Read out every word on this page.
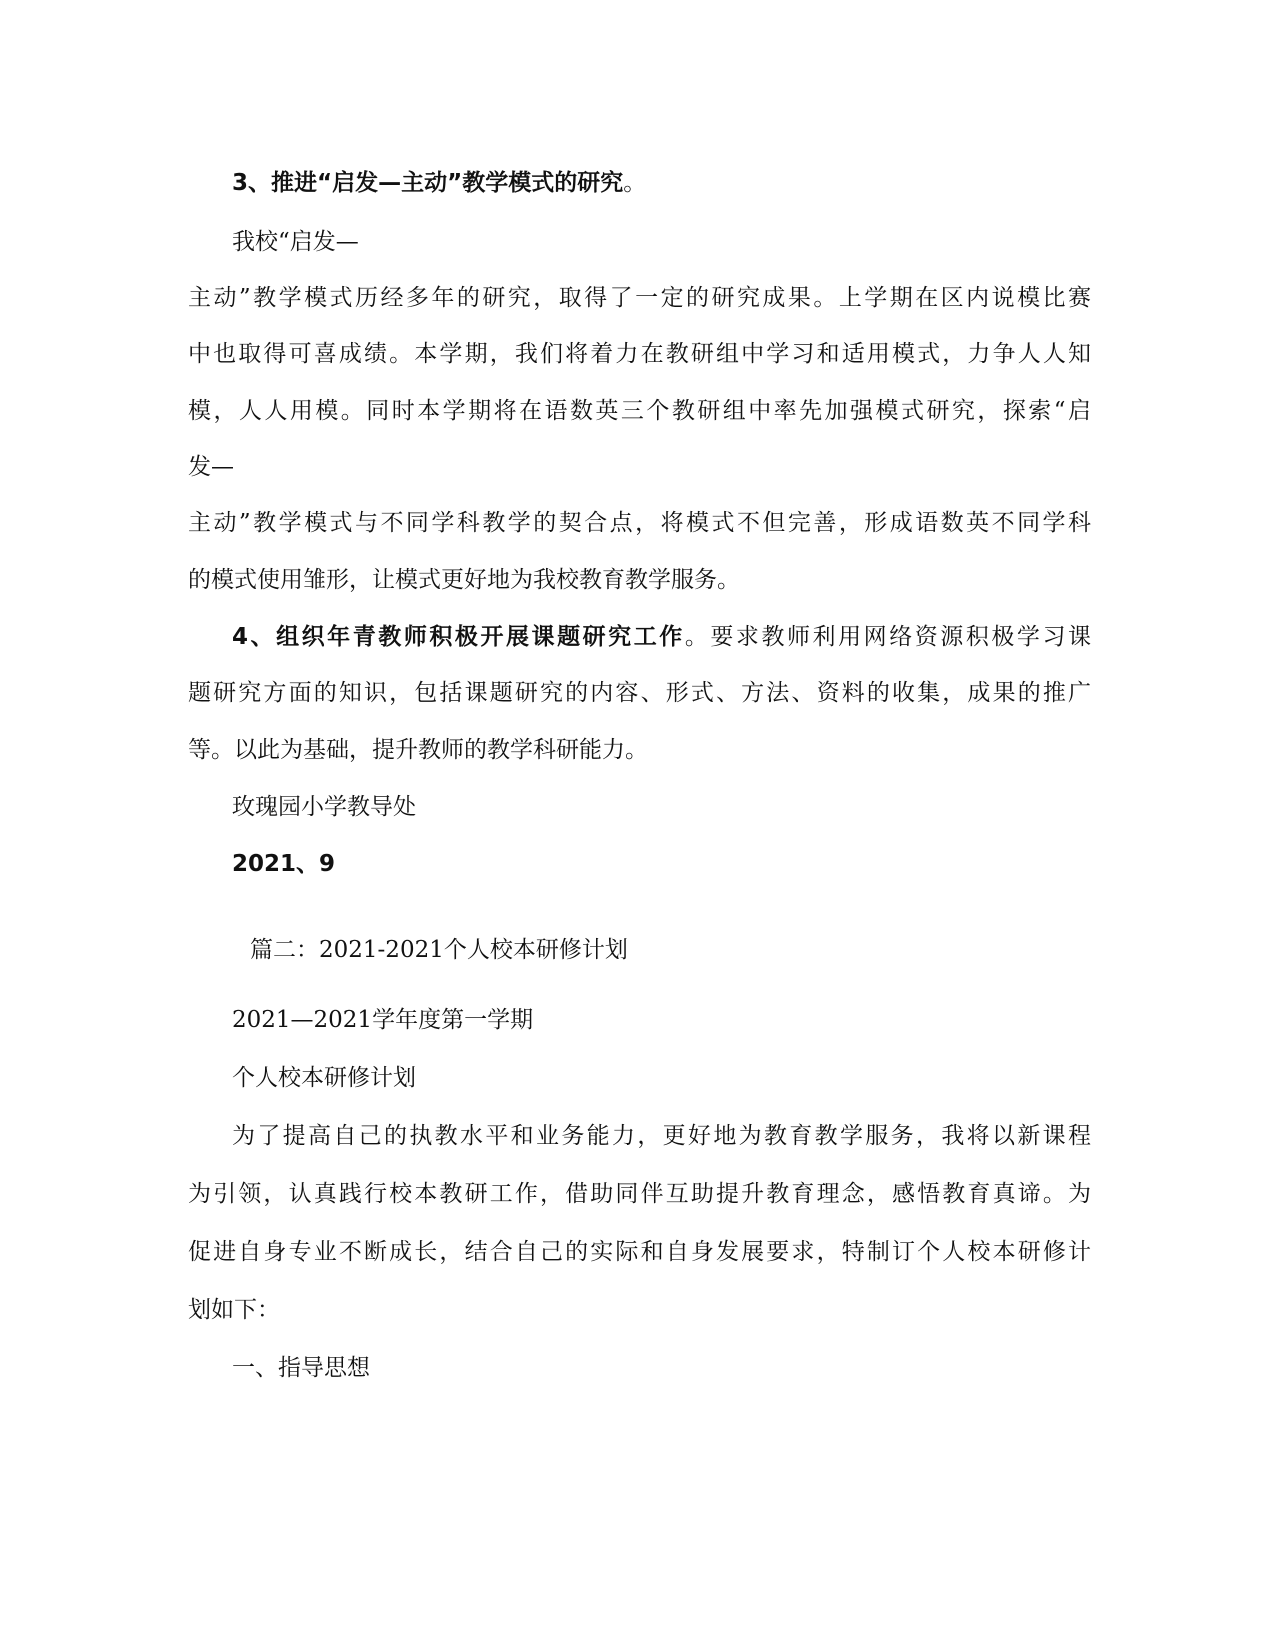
3、推进“启发—主动”教学模式的研究。

我校“启发—

主动”教学模式历经多年的研究，取得了一定的研究成果。上学期在区内说模比赛

中也取得可喜成绩。本学期，我们将着力在教研组中学习和适用模式，力争人人知

模，人人用模。同时本学期将在语数英三个教研组中率先加强模式研究，探索“启

发—

主动”教学模式与不同学科教学的契合点，将模式不但完善，形成语数英不同学科

的模式使用雏形，让模式更好地为我校教育教学服务。

4、组织年青教师积极开展课题研究工作。要求教师利用网络资源积极学习课

题研究方面的知识，包括课题研究的内容、形式、方法、资料的收集，成果的推广

等。以此为基础，提升教师的教学科研能力。

玫瑰园小学教导处

2021、9

篇二：2021-2021个人校本研修计划

2021—2021学年度第一学期

个人校本研修计划

为了提高自己的执教水平和业务能力，更好地为教育教学服务，我将以新课程

为引领，认真践行校本教研工作，借助同伴互助提升教育理念，感悟教育真谛。为

促进自身专业不断成长，结合自己的实际和自身发展要求，特制订个人校本研修计

划如下：

一、指导思想
